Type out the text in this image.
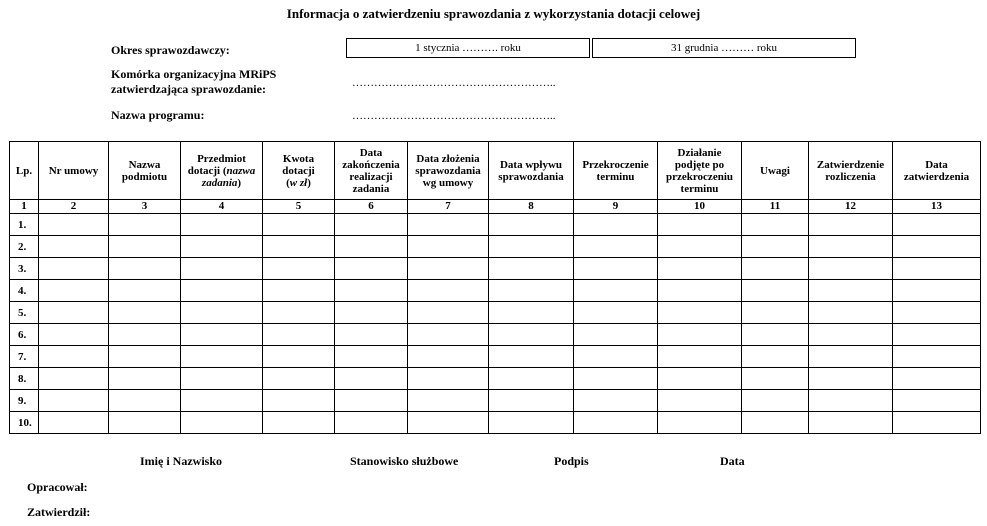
Informacja o zatwierdzeniu sprawozdania z wykorzystania dotacji celowej
Okres sprawozdawczy:	1 stycznia ………. roku	31 grudnia ……… roku
Komórka organizacyjna MRiPS
zatwierdzająca sprawozdanie:	………………………………………………..
Nazwa programu:	………………………………………………..
Lp.	Nr umowy	Nazwa
podmiotu	Przedmiot
dotacji (nazwa
zadania)	Kwota
dotacji
(w zł)	Data
zakończenia
realizacji
zadania	Data złożenia
sprawozdania
wg umowy	Data wpływu
sprawozdania	Przekroczenie
terminu	Działanie
podjęte po
przekroczeniu
terminu	Uwagi	Zatwierdzenie
rozliczenia	Data
zatwierdzenia
1	2	3	4	5	6	7	8	9	10	11	12	13
1.												
2.												
3.												
4.												
5.												
6.												
7.												
8.												
9.												
10.												
Imię i Nazwisko	Stanowisko służbowe	Podpis	Data
Opracował:
Zatwierdził:
